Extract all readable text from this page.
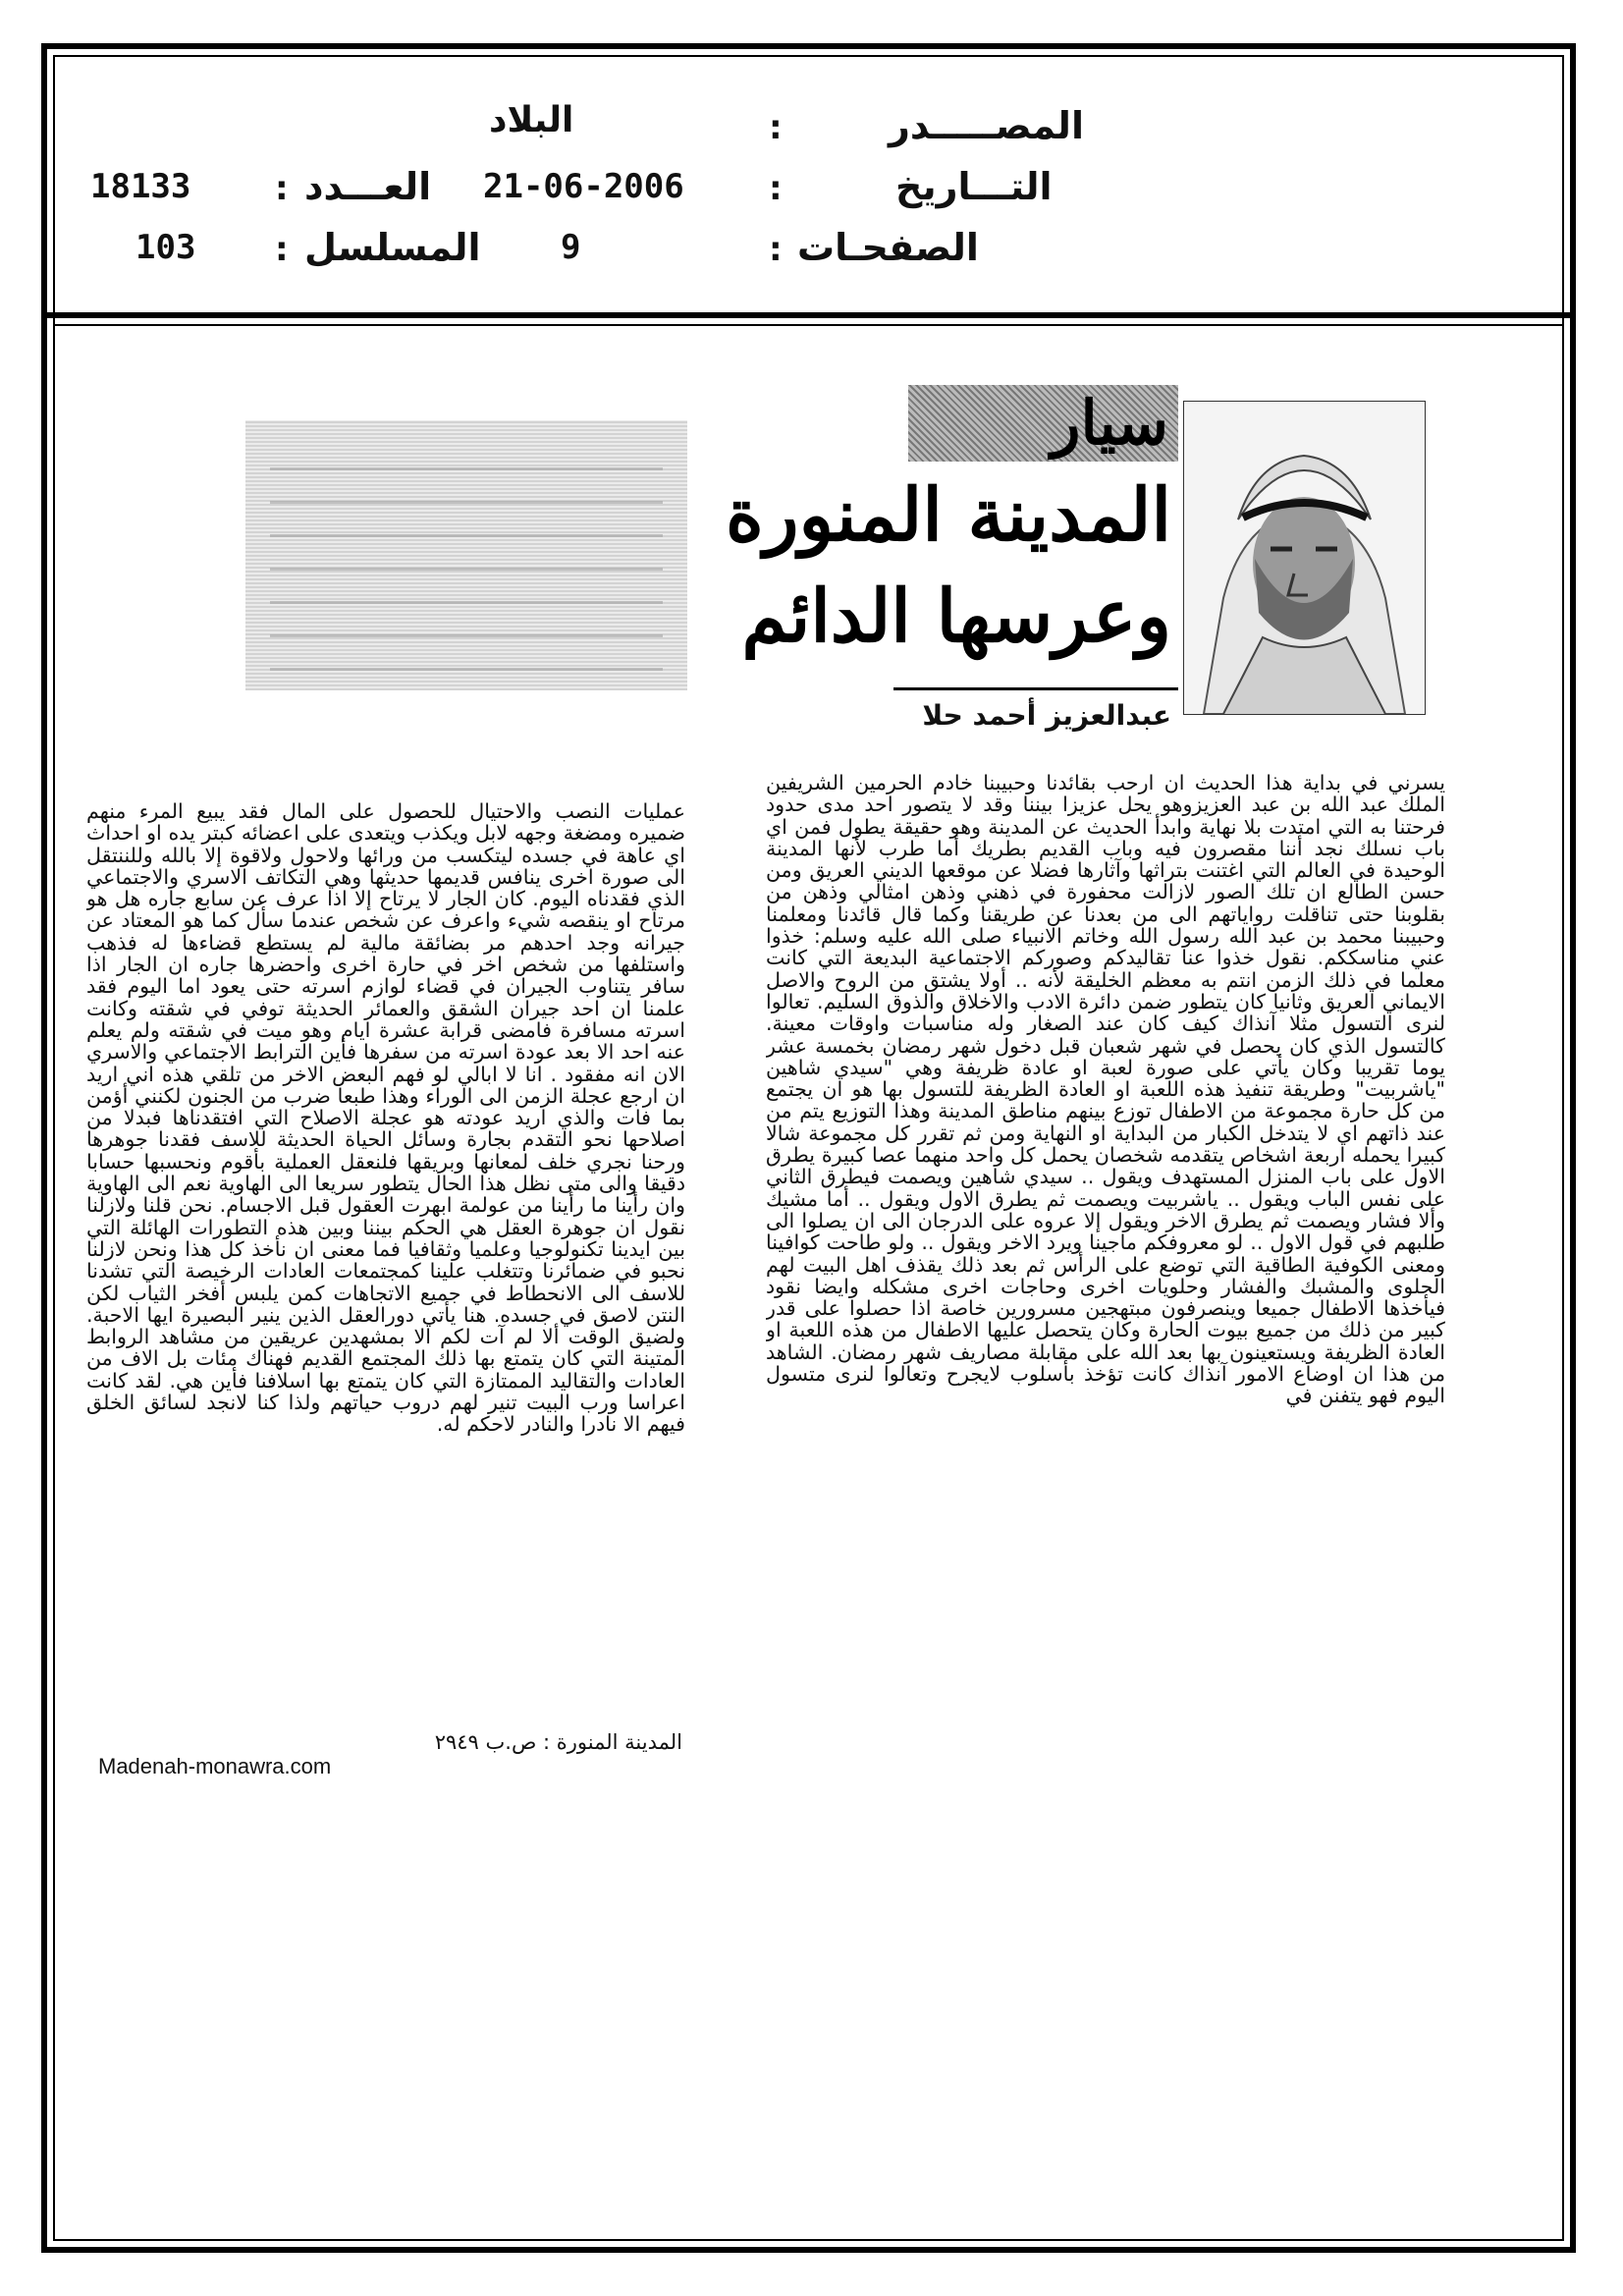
المصـــــدر
:
البلاد
التـــاريخ
:
21-06-2006
العـــدد
:
18133
الصفحـات
:
9
المسلسل
:
103
سيار
المدينة المنورة
وعرسها الدائم
عبدالعزيز أحمد حلا

يسرني في بداية هذا الحديث ان ارحب بقائدنا وحبيبنا خادم الحرمين الشريفين الملك عبد الله بن عبد العزيزوهو يحل عزيزا بيننا وقد لا يتصور احد مدى حدود فرحتنا به التي امتدت بلا نهاية وابدأ الحديث عن المدينة وهو حقيقة يطول فمن اي باب نسلك نجد أننا مقصرون فيه وباب القديم بطريك أما طرب لأنها المدينة الوحيدة في العالم التي اغتنت بتراثها وآثارها فضلا عن موقعها الديني العريق ومن حسن الطالع ان تلك الصور لازالت محفورة في ذهني وذهن امثالي وذهن من بقلوبنا حتى تناقلت رواياتهم الى من بعدنا عن طريقنا وكما قال قائدنا ومعلمنا وحبيبنا محمد بن عبد الله رسول الله وخاتم الانبياء صلى الله عليه وسلم: خذوا عني مناسككم. نقول خذوا عنا تقاليدكم وصوركم الاجتماعية البديعة التي كانت معلما في ذلك الزمن انتم به معظم الخليقة لأنه .. أولا يشتق من الروح والاصل الايماني العريق وثانيا كان يتطور ضمن دائرة الادب والاخلاق والذوق السليم. تعالوا لنرى التسول مثلا آنذاك كيف كان عند الصغار وله مناسبات واوقات معينة. كالتسول الذي كان يحصل في شهر شعبان قبل دخول شهر رمضان بخمسة عشر يوما تقريبا وكان يأتي على صورة لعبة او عادة ظريفة وهي "سيدي شاهين "ياشربيت" وطريقة تنفيذ هذه اللعبة او العادة الظريفة للتسول بها هو ان يجتمع من كل حارة مجموعة من الاطفال توزع بينهم مناطق المدينة وهذا التوزيع يتم من عند ذاتهم اي لا يتدخل الكبار من البداية او النهاية ومن ثم تقرر كل مجموعة شالا كبيرا يحمله اربعة اشخاص يتقدمه شخصان يحمل كل واحد منهما عصا كبيرة يطرق الاول على باب المنزل المستهدف ويقول .. سيدي شاهين ويصمت فيطرق الثاني على نفس الباب ويقول .. ياشربيت ويصمت ثم يطرق الاول ويقول .. أما مشيك وألا فشار ويصمت ثم يطرق الاخر ويقول إلا عروه على الدرجان الى ان يصلوا الى طلبهم في قول الاول .. لو معروفكم ماجينا ويرد الاخر ويقول .. ولو طاحت كوافينا ومعنى الكوفية الطاقية التي توضع على الرأس ثم بعد ذلك يقذف اهل البيت لهم الحلوى والمشبك والفشار وحلويات اخرى وحاجات اخرى مشكله وايضا نقود فيأخذها الاطفال جميعا وينصرفون مبتهجين مسرورين خاصة اذا حصلوا على قدر كبير من ذلك من جميع بيوت الحارة وكان يتحصل عليها الاطفال من هذه اللعبة او العادة الظريفة ويستعينون بها بعد الله على مقابلة مصاريف شهر رمضان. الشاهد من هذا ان اوضاع الامور آنذاك كانت تؤخذ بأسلوب لايجرح وتعالوا لنرى متسول اليوم فهو يتفنن في

عمليات النصب والاحتيال للحصول على المال فقد يبيع المرء منهم ضميره ومضغة وجهه لابل ويكذب ويتعدى على اعضائه كبتر يده او احداث اي عاهة في جسده ليتكسب من ورائها ولاحول ولاقوة إلا بالله وللننتقل الى صورة اخرى ينافس قديمها حديثها وهي التكاتف الاسري والاجتماعي الذي فقدناه اليوم. كان الجار لا يرتاح إلا اذا عرف عن سابع جاره هل هو مرتاح او ينقصه شيء واعرف عن شخص عندما سأل كما هو المعتاد عن جيرانه وجد احدهم مر بضائقة مالية لم يستطع قضاءها له فذهب واستلفها من شخص اخر في حارة اخرى واحضرها جاره ان الجار اذا سافر يتناوب الجيران في قضاء لوازم اسرته حتى يعود اما اليوم فقد علمنا ان احد جيران الشقق والعمائر الحديثة توفي في شقته وكانت اسرته مسافرة فامضى قرابة عشرة ايام وهو ميت في شقته ولم يعلم عنه احد الا بعد عودة اسرته من سفرها فأين الترابط الاجتماعي والاسري الان انه مفقود . انا لا ابالي لو فهم البعض الاخر من تلقي هذه اني اريد ان ارجع عجلة الزمن الى الوراء وهذا طبعا ضرب من الجنون لكنني أؤمن بما فات والذي اريد عودته هو عجلة الاصلاح التي افتقدناها فبدلا من اصلاحها نحو التقدم بجارة وسائل الحياة الحديثة للاسف فقدنا جوهرها ورحنا نجري خلف لمعانها وبريقها فلنعقل العملية بأقوم ونحسبها حسابا دقيقا والى متى نظل هذا الحال يتطور سريعا الى الهاوية نعم الى الهاوية وان رأينا ما رأينا من عولمة ابهرت العقول قبل الاجسام. نحن قلنا ولازلنا نقول ان جوهرة العقل هي الحكم بيننا وبين هذه التطورات الهائلة التي بين ايدينا تكنولوجيا وعلميا وثقافيا فما معنى ان نأخذ كل هذا ونحن لازلنا نحبو في ضمائرنا وتتغلب علينا كمجتمعات العادات الرخيصة التي تشدنا للاسف الى الانحطاط في جميع الاتجاهات كمن يلبس أفخر الثياب لكن النتن لاصق في جسده. هنا يأتي دورالعقل الذين ينير البصيرة ايها الاحبة. ولضيق الوقت ألا لم آت لكم الا بمشهدين عريقين من مشاهد الروابط المتينة التي كان يتمتع بها ذلك المجتمع القديم فهناك مئات بل الاف من العادات والتقاليد الممتازة التي كان يتمتع بها اسلافنا فأين هي. لقد كانت اعراسا ورب البيت تنير لهم دروب حياتهم ولذا كنا لانجد لسائق الخلق فيهم الا نادرا والنادر لاحكم له.

المدينة المنورة : ص.ب ٢٩٤٩
Madenah-monawra.com
